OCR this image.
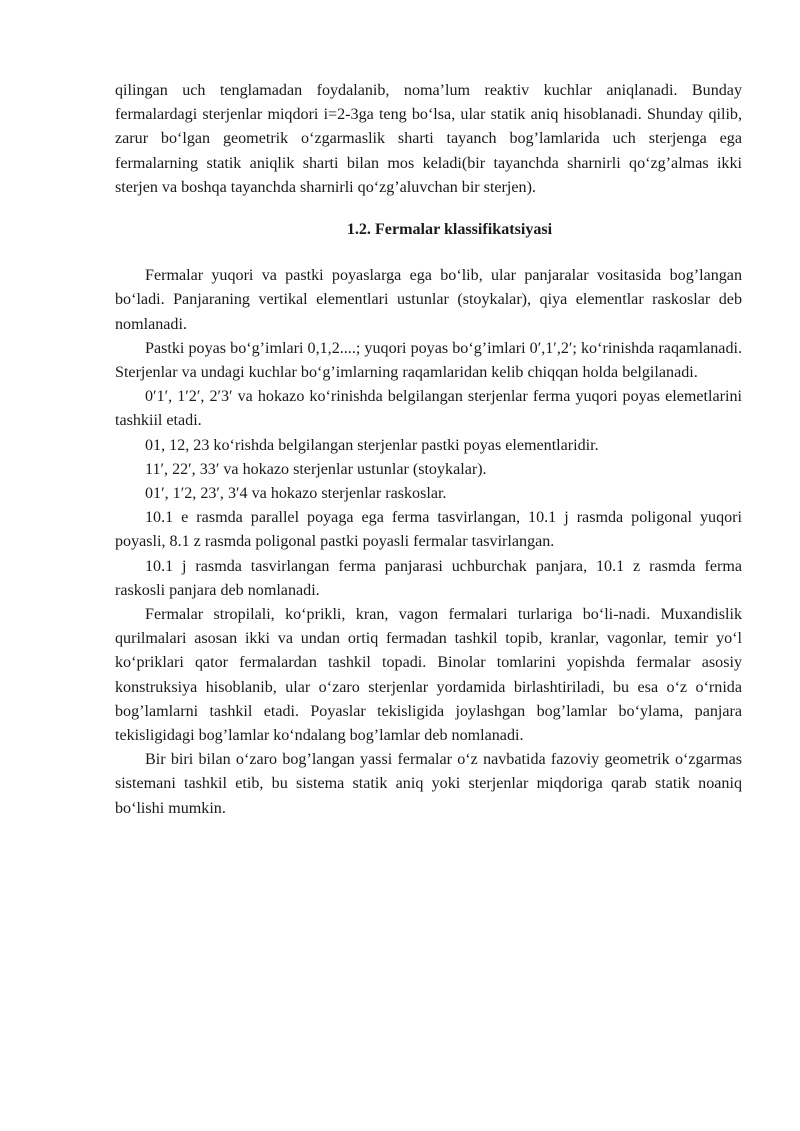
qilingan uch tenglamadan foydalanib, noma’lum reaktiv kuchlar aniqlanadi. Bunday fermalardagi sterjenlar miqdori i=2-3ga teng bo‘lsa, ular statik aniq hisoblanadi. Shunday qilib, zarur bo‘lgan geometrik o‘zgarmaslik sharti tayanch bog’lamlarida uch sterjenga ega fermalarning statik aniqlik sharti bilan mos keladi(bir tayanchda sharnirli qo‘zg’almas ikki sterjen va boshqa tayanchda sharnirli qo‘zg’aluvchan bir sterjen).

1.2. Fermalar klassifikatsiyasi

Fermalar yuqori va pastki poyaslarga ega bo‘lib, ular panjaralar vositasida bog’langan bo‘ladi. Panjaraning vertikal elementlari ustunlar (stoykalar), qiya elementlar raskoslar deb nomlanadi.

Pastki poyas bo‘g’imlari 0,1,2....; yuqori poyas bo‘g’imlari 0′,1′,2′; ko‘rinishda raqamlanadi. Sterjenlar va undagi kuchlar bo‘g’imlarning raqamlaridan kelib chiqqan holda belgilanadi.

0′1′, 1′2′, 2′3′ va hokazo ko‘rinishda belgilangan sterjenlar ferma yuqori poyas elemetlarini tashkiil etadi.

01, 12, 23 ko‘rishda belgilangan sterjenlar pastki poyas elementlaridir.

11′, 22′, 33′ va hokazo sterjenlar ustunlar (stoykalar).

01′, 1′2, 23′, 3′4 va hokazo sterjenlar raskoslar.

10.1 e rasmda parallel poyaga ega ferma tasvirlangan, 10.1 j rasmda poligonal yuqori poyasli, 8.1 z rasmda poligonal pastki poyasli fermalar tasvirlangan.

10.1 j rasmda tasvirlangan ferma panjarasi uchburchak panjara, 10.1 z rasmda ferma raskosli panjara deb nomlanadi.

Fermalar stropilali, ko‘prikli, kran, vagon fermalari turlariga bo‘li-nadi. Muxandislik qurilmalari asosan ikki va undan ortiq fermadan tashkil topib, kranlar, vagonlar, temir yo‘l ko‘priklari qator fermalardan tashkil topadi. Binolar tomlarini yopishda fermalar asosiy konstruksiya hisoblanib, ular o‘zaro sterjenlar yordamida birlashtiriladi, bu esa o‘z o‘rnida bog’lamlarni tashkil etadi. Poyaslar tekisligida joylashgan bog’lamlar bo‘ylama, panjara tekisligidagi bog’lamlar ko‘ndalang bog’lamlar deb nomlanadi.

Bir biri bilan o‘zaro bog’langan yassi fermalar o‘z navbatida fazoviy geometrik o‘zgarmas sistemani tashkil etib, bu sistema statik aniq yoki sterjenlar miqdoriga qarab statik noaniq bo‘lishi mumkin.
